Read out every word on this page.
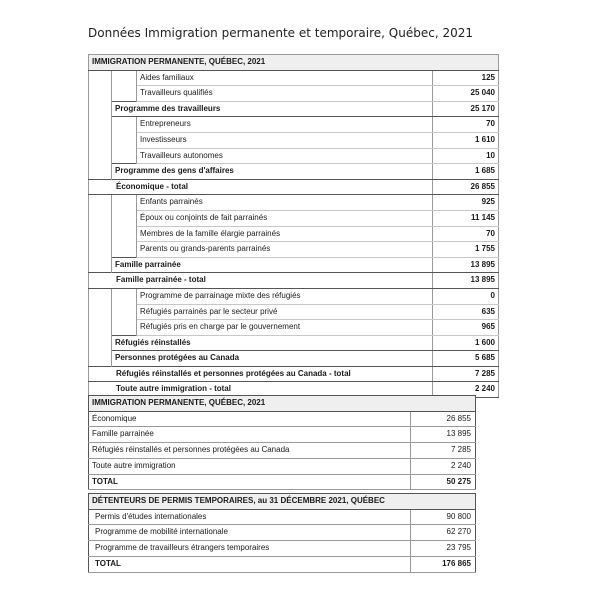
Données Immigration permanente et temporaire, Québec, 2021
IMMIGRATION PERMANENTE, QUÉBEC, 2021			
		Aides familiaux	125
		Travailleurs qualifiés	25 040
	Programme des travailleurs		25 170
		Entrepreneurs	70
		Investisseurs	1 610
		Travailleurs autonomes	10
	Programme des gens d'affaires		1 685
Économique - total			26 855
		Enfants parrainés	925
		Époux ou conjoints de fait parrainés	11 145
		Membres de la famille élargie parrainés	70
		Parents ou grands-parents parrainés	1 755
	Famille parrainée		13 895
Famille parrainée - total			13 895
		Programme de parrainage mixte des réfugiés	0
		Réfugiés parrainés par le secteur privé	635
		Réfugiés pris en charge par le gouvernement	965
	Réfugiés réinstallés		1 600
	Personnes protégées au Canada		5 685
Réfugiés réinstallés et personnes protégées au Canada - total			7 285
Toute autre immigration - total			2 240
IMMIGRATION PERMANENTE, QUÉBEC, 2021	
Économique	26 855
Famille parrainée	13 895
Réfugiés réinstallés et personnes protégées au Canada	7 285
Toute autre immigration	2 240
TOTAL	50 275
DÉTENTEURS DE PERMIS TEMPORAIRES, au 31 DÉCEMBRE 2021, QUÉBEC	
Permis d'études internationales	90 800
Programme de mobilité internationale	62 270
Programme de travailleurs étrangers temporaires	23 795
TOTAL	176 865
